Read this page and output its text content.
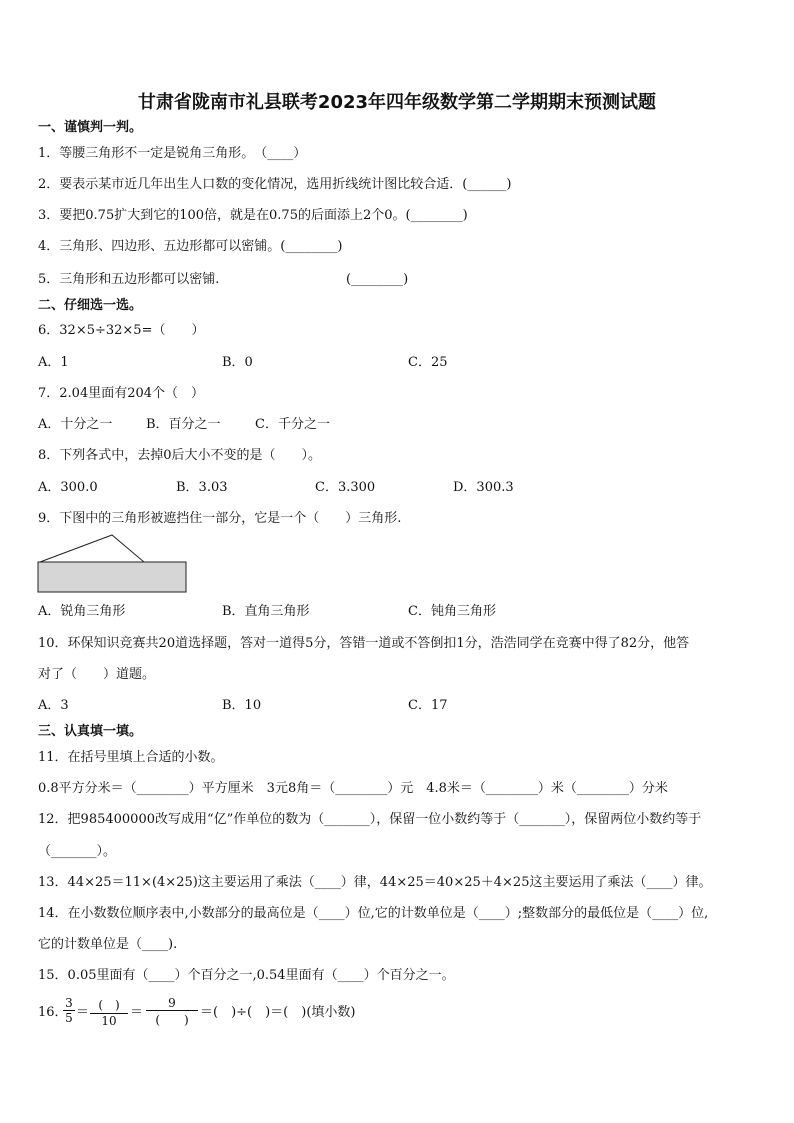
甘肃省陇南市礼县联考2023年四年级数学第二学期期末预测试题
一、谨慎判一判。
1．等腰三角形不一定是锐角三角形。　（____）
2．要表示某市近几年出生人口数的变化情况，选用折线统计图比较合适．(______)
3．要把0.75扩大到它的100倍，就是在0.75的后面添上2个0。(________)
4．三角形、四边形、五边形都可以密铺。(________)
5．三角形和五边形都可以密铺.	(________)
二、仔细选一选。
6．32×5÷32×5=（　　）
A．1	B．0	C．25
7．2.04里面有204个（　）
A．十分之一	B．百分之一	C．千分之一
8．下列各式中，去掉0后大小不变的是（　　）。
A．300.0	B．3.03	C．3.300	D．300.3
9．下图中的三角形被遮挡住一部分，它是一个（　　）三角形.
A．锐角三角形	B．直角三角形	C．钝角三角形
10．环保知识竞赛共20道选择题，答对一道得5分，答错一道或不答倒扣1分，浩浩同学在竞赛中得了82分，他答
对了（　　）道题。
A．3	B．10	C．17
三、认真填一填。
11．在括号里填上合适的小数。
0.8平方分米＝（________）平方厘米　3元8角＝（________）元　4.8米＝（________）米（________）分米
12．把985400000改写成用“亿”作单位的数为（_______），保留一位小数约等于（_______），保留两位小数约等于
（_______）。
13．44×25＝11×(4×25)这主要运用了乘法（____）律，44×25＝40×25＋4×25这主要运用了乘法（____）律。
14．在小数数位顺序表中,小数部分的最高位是（____）位,它的计数单位是（____）;整数部分的最低位是（____）位,
它的计数单位是（____).
15．0.05里面有（____）个百分之一,0.54里面有（____）个百分之一。
16．
$\frac{3}{5}$ ＝ (　)
10
＝
9
(　　) ＝(　)÷(　)＝(　)(填小数)
